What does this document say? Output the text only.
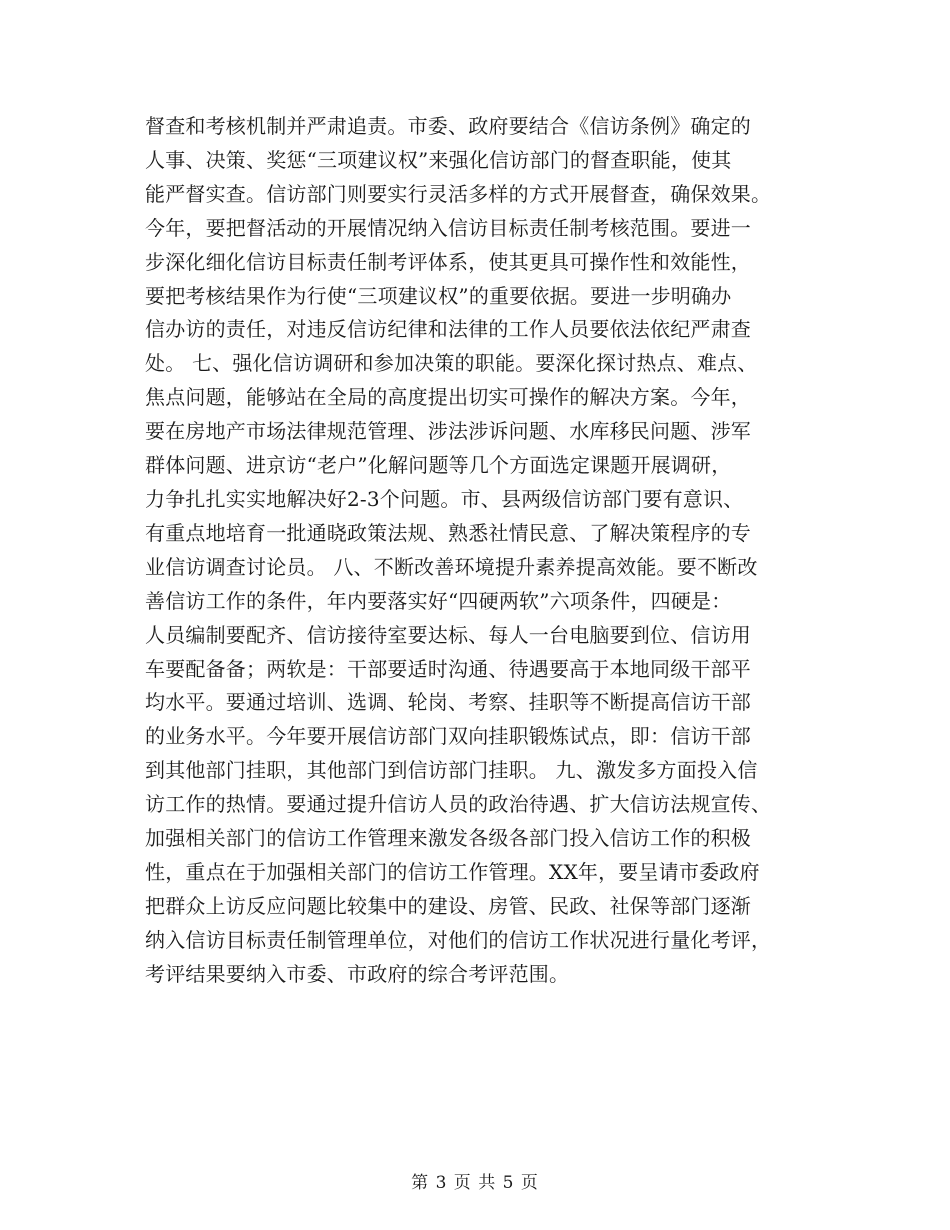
督查和考核机制并严肃追责。市委、政府要结合《信访条例》确定的
人事、决策、奖惩“三项建议权”来强化信访部门的督查职能，使其
能严督实查。信访部门则要实行灵活多样的方式开展督查，确保效果。
今年，要把督活动的开展情况纳入信访目标责任制考核范围。要进一
步深化细化信访目标责任制考评体系，使其更具可操作性和效能性，
要把考核结果作为行使“三项建议权”的重要依据。要进一步明确办
信办访的责任，对违反信访纪律和法律的工作人员要依法依纪严肃查
处。 七、强化信访调研和参加决策的职能。要深化探讨热点、难点、
焦点问题，能够站在全局的高度提出切实可操作的解决方案。今年，
要在房地产市场法律规范管理、涉法涉诉问题、水库移民问题、涉军
群体问题、进京访“老户”化解问题等几个方面选定课题开展调研，
力争扎扎实实地解决好2-3个问题。市、县两级信访部门要有意识、
有重点地培育一批通晓政策法规、熟悉社情民意、了解决策程序的专
业信访调查讨论员。 八、不断改善环境提升素养提高效能。要不断改
善信访工作的条件，年内要落实好“四硬两软”六项条件，四硬是：
人员编制要配齐、信访接待室要达标、每人一台电脑要到位、信访用
车要配备备；两软是：干部要适时沟通、待遇要高于本地同级干部平
均水平。要通过培训、选调、轮岗、考察、挂职等不断提高信访干部
的业务水平。今年要开展信访部门双向挂职锻炼试点，即：信访干部
到其他部门挂职，其他部门到信访部门挂职。 九、激发多方面投入信
访工作的热情。要通过提升信访人员的政治待遇、扩大信访法规宣传、
加强相关部门的信访工作管理来激发各级各部门投入信访工作的积极
性，重点在于加强相关部门的信访工作管理。XX年，要呈请市委政府
把群众上访反应问题比较集中的建设、房管、民政、社保等部门逐渐
纳入信访目标责任制管理单位，对他们的信访工作状况进行量化考评，
考评结果要纳入市委、市政府的综合考评范围。
第 3 页 共 5 页
